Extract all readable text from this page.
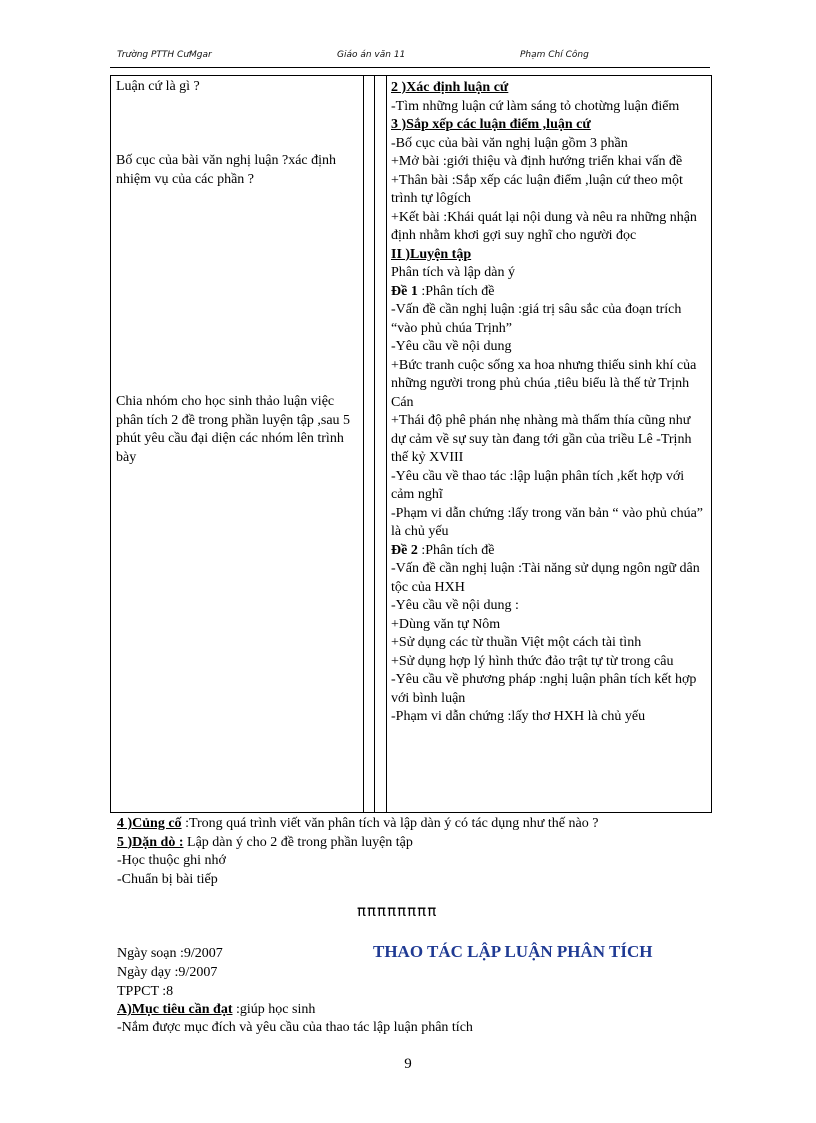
Trường PTTH CưMgar	Giáo án văn 11	Phạm Chí Công
Luận cứ là gì ?
Bố cục của bài văn nghị luận ?xác định nhiệm vụ của các phần ?
Chia nhóm cho học sinh thảo luận việc phân tích 2 đề trong phần luyện tập ,sau 5 phút yêu cầu đại diện các nhóm lên trình bày

2 )Xác định luận cứ
-Tìm những luận cứ làm sáng tỏ chotừng luận điểm
3 )Sắp xếp các luận điểm ,luận cứ
-Bố cục của bài văn nghị luận gồm 3 phần
+Mở bài :giới thiệu và định hướng triển khai vấn đề
+Thân bài :Sắp xếp các luận điểm ,luận cứ theo một trình tự lôgích
+Kết bài :Khái quát lại nội dung và nêu ra những nhận định nhằm khơi gợi suy nghĩ cho người đọc
II )Luyện tập
Phân tích và lập dàn ý
Đề 1 :Phân tích đề
-Vấn đề cần nghị luận :giá trị sâu sắc của đoạn trích “vào phủ chúa Trịnh”
-Yêu cầu về nội dung
+Bức tranh cuộc sống xa hoa nhưng thiếu sinh khí của những người trong phủ chúa ,tiêu biểu là thế tử Trịnh Cán
+Thái độ phê phán nhẹ nhàng mà thấm thía cũng như dự cảm về sự suy tàn đang tới gần của triều Lê -Trịnh thế kỷ XVIII
-Yêu cầu về thao tác :lập luận phân tích ,kết hợp với cảm nghĩ
-Phạm vi dẫn chứng :lấy trong văn bản “ vào phủ chúa” là chủ yếu
Đề 2 :Phân tích đề
-Vấn đề cần nghị luận :Tài năng sử dụng ngôn ngữ dân tộc của HXH
-Yêu cầu về nội dung :
+Dùng văn tự Nôm
+Sử dụng các từ thuần Việt một cách tài tình
+Sử dụng hợp lý hình thức đảo trật tự từ trong câu
-Yêu cầu về phương pháp :nghị luận phân tích kết hợp với bình luận
-Phạm vi dẫn chứng :lấy thơ HXH là chủ yếu
4 )Củng cố :Trong quá trình viết văn phân tích và lập dàn ý có tác dụng như thế nào ?
5 )Dặn dò : Lập dàn ý cho 2 đề trong phần luyện tập
-Học thuộc ghi nhớ
-Chuẩn bị bài tiếp
ππππππππ
Ngày soạn :9/2007	THAO TÁC LẬP LUẬN PHÂN TÍCH
Ngày dạy :9/2007
TPPCT :8
A)Mục tiêu cần đạt :giúp học sinh
-Nắm được mục đích và yêu cầu của thao tác lập luận phân tích
9
